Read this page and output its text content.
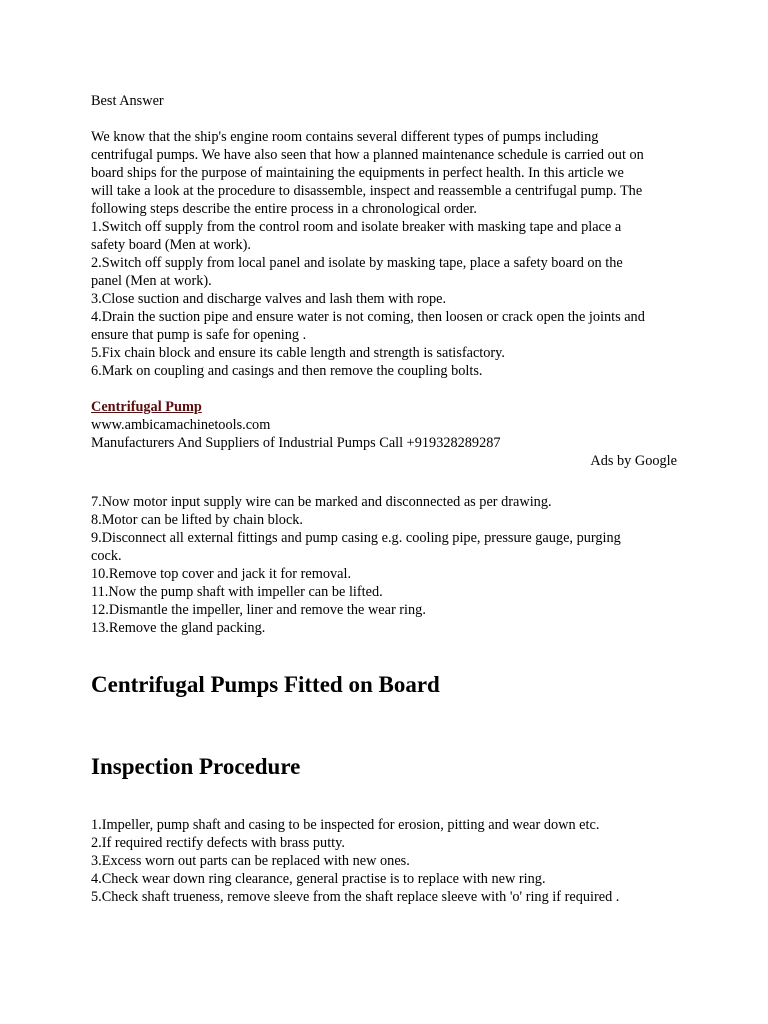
Best Answer
We know that the ship's engine room contains several different types of pumps including
centrifugal pumps. We have also seen that how a planned maintenance schedule is carried out on
board ships for the purpose of maintaining the equipments in perfect health. In this article we
will take a look at the procedure to disassemble, inspect and reassemble a centrifugal pump. The
following steps describe the entire process in a chronological order.
1.Switch off supply from the control room and isolate breaker with masking tape and place a
safety board (Men at work).
2.Switch off supply from local panel and isolate by masking tape, place a safety board on the
panel (Men at work).
3.Close suction and discharge valves and lash them with rope.
4.Drain the suction pipe and ensure water is not coming, then loosen or crack open the joints and
ensure that pump is safe for opening .
5.Fix chain block and ensure its cable length and strength is satisfactory.
6.Mark on coupling and casings and then remove the coupling bolts.
Centrifugal Pump
www.ambicamachinetools.com
Manufacturers And Suppliers of Industrial Pumps Call +919328289287
Ads by Google
7.Now motor input supply wire can be marked and disconnected as per drawing.
8.Motor can be lifted by chain block.
9.Disconnect all external fittings and pump casing e.g. cooling pipe, pressure gauge, purging
cock.
10.Remove top cover and jack it for removal.
11.Now the pump shaft with impeller can be lifted.
12.Dismantle the impeller, liner and remove the wear ring.
13.Remove the gland packing.
Centrifugal Pumps Fitted on Board
Inspection Procedure
1.Impeller, pump shaft and casing to be inspected for erosion, pitting and wear down etc.
2.If required rectify defects with brass putty.
3.Excess worn out parts can be replaced with new ones.
4.Check wear down ring clearance, general practise is to replace with new ring.
5.Check shaft trueness, remove sleeve from the shaft replace sleeve with 'o' ring if required .
